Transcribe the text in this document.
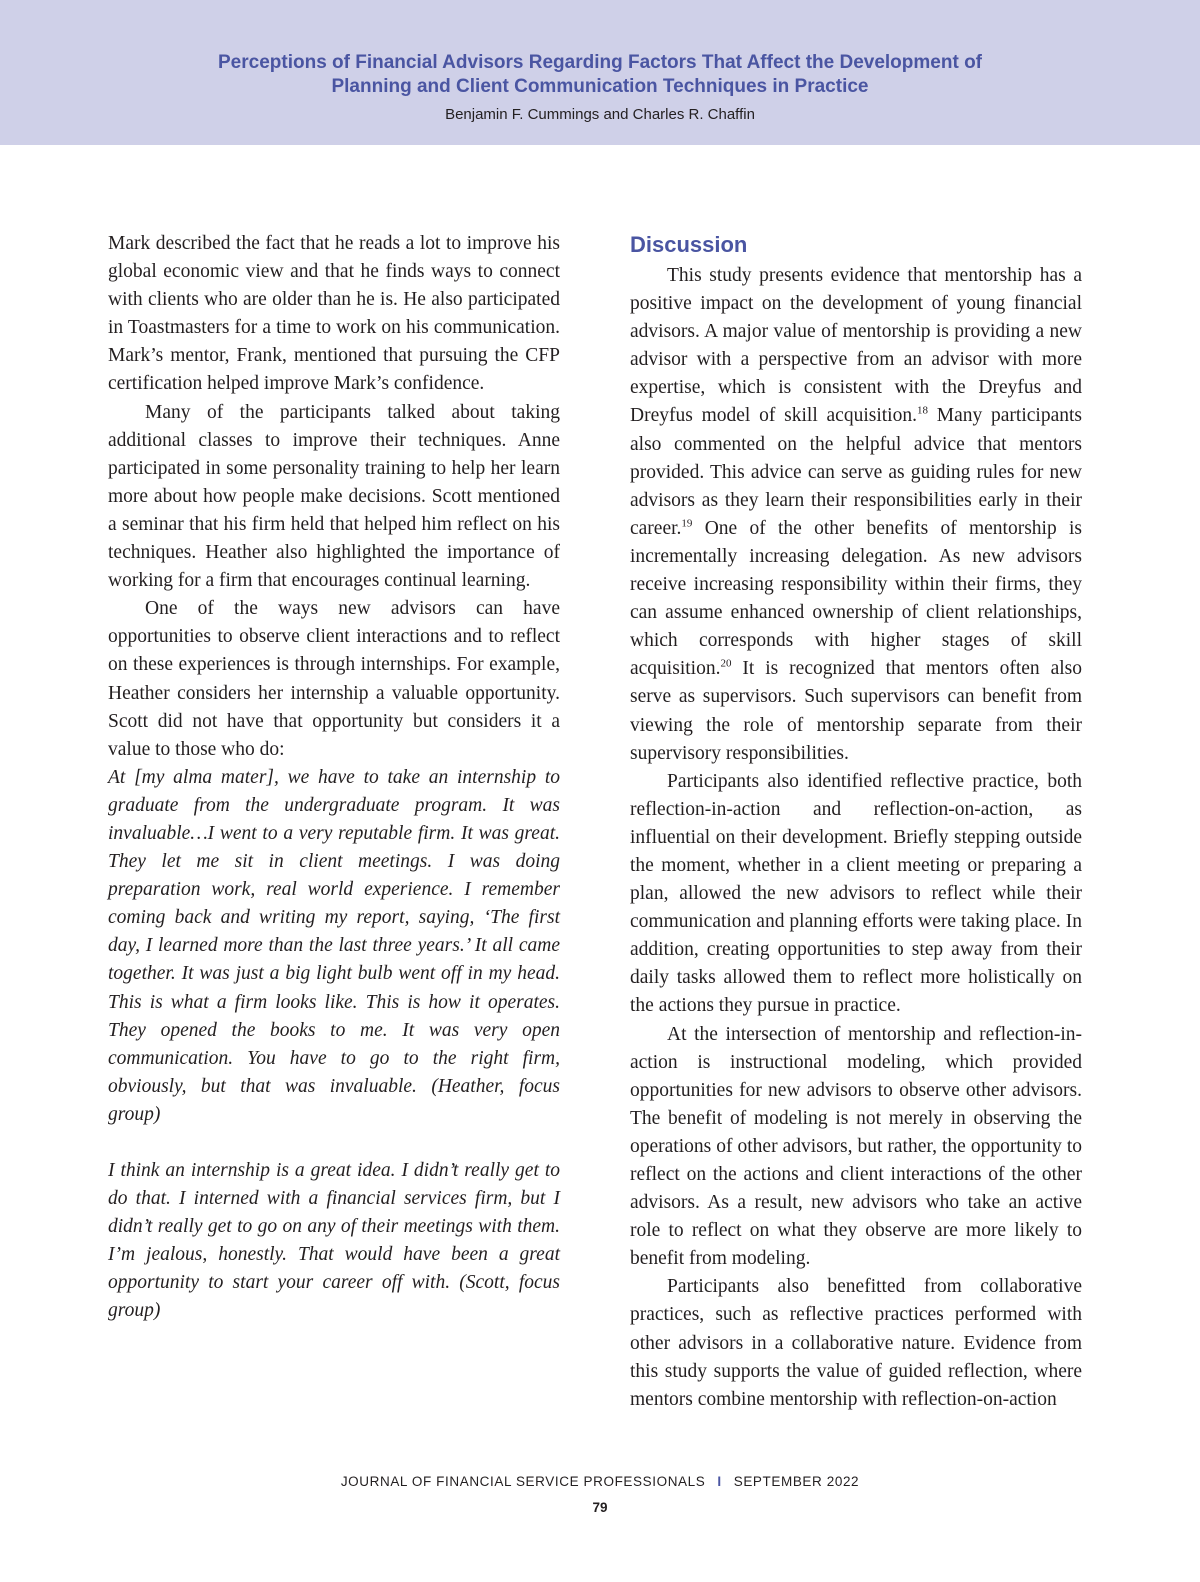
Perceptions of Financial Advisors Regarding Factors That Affect the Development of
Planning and Client Communication Techniques in Practice
Benjamin F. Cummings and Charles R. Chaffin

Mark described the fact that he reads a lot to improve his global economic view and that he finds ways to connect with clients who are older than he is. He also participated in Toastmasters for a time to work on his communication. Mark’s mentor, Frank, mentioned that pursuing the CFP certification helped improve Mark’s confidence.

Many of the participants talked about taking additional classes to improve their techniques. Anne participated in some personality training to help her learn more about how people make decisions. Scott mentioned a seminar that his firm held that helped him reflect on his techniques. Heather also highlighted the importance of working for a firm that encourages continual learning.

One of the ways new advisors can have opportunities to observe client interactions and to reflect on these experiences is through internships. For example, Heather considers her internship a valuable opportunity. Scott did not have that opportunity but considers it a value to those who do:

At [my alma mater], we have to take an internship to graduate from the undergraduate program. It was invaluable…I went to a very reputable firm. It was great. They let me sit in client meetings. I was doing preparation work, real world experience. I remember coming back and writing my report, saying, ‘The first day, I learned more than the last three years.’ It all came together. It was just a big light bulb went off in my head. This is what a firm looks like. This is how it operates. They opened the books to me. It was very open communication. You have to go to the right firm, obviously, but that was invaluable. (Heather, focus group)

I think an internship is a great idea. I didn’t really get to do that. I interned with a financial services firm, but I didn’t really get to go on any of their meetings with them. I’m jealous, honestly. That would have been a great opportunity to start your career off with. (Scott, focus group)

Discussion

This study presents evidence that mentorship has a positive impact on the development of young financial advisors. A major value of mentorship is providing a new advisor with a perspective from an advisor with more expertise, which is consistent with the Dreyfus and Dreyfus model of skill acquisition.$^{18}$ Many participants also commented on the helpful advice that mentors provided. This advice can serve as guiding rules for new advisors as they learn their responsibilities early in their career.$^{19}$ One of the other benefits of mentorship is incrementally increasing delegation. As new advisors receive increasing responsibility within their firms, they can assume enhanced ownership of client relationships, which corresponds with higher stages of skill acquisition.$^{20}$ It is recognized that mentors often also serve as supervisors. Such supervisors can benefit from viewing the role of mentorship separate from their supervisory responsibilities.

Participants also identified reflective practice, both reflection-in-action and reflection-on-action, as influential on their development. Briefly stepping outside the moment, whether in a client meeting or preparing a plan, allowed the new advisors to reflect while their communication and planning efforts were taking place. In addition, creating opportunities to step away from their daily tasks allowed them to reflect more holistically on the actions they pursue in practice.

At the intersection of mentorship and reflection-in-action is instructional modeling, which provided opportunities for new advisors to observe other advisors. The benefit of modeling is not merely in observing the operations of other advisors, but rather, the opportunity to reflect on the actions and client interactions of the other advisors. As a result, new advisors who take an active role to reflect on what they observe are more likely to benefit from modeling.

Participants also benefitted from collaborative practices, such as reflective practices performed with other advisors in a collaborative nature. Evidence from this study supports the value of guided reflection, where mentors combine mentorship with reflection-on-action

JOURNAL OF FINANCIAL SERVICE PROFESSIONALS I SEPTEMBER 2022
79
